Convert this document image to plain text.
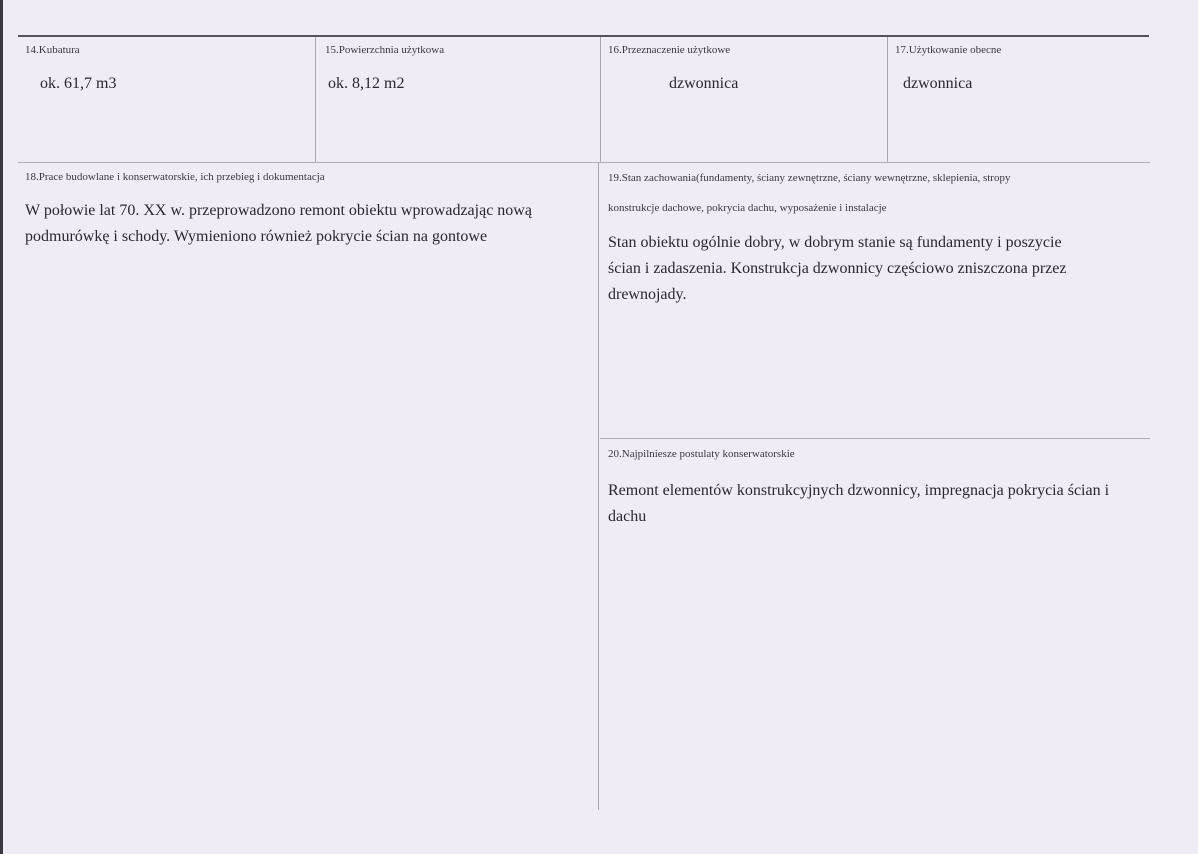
14.Kubatura
ok. 61,7 m3
15.Powierzchnia użytkowa
ok. 8,12 m2
16.Przeznaczenie użytkowe
dzwonnica
17.Użytkowanie obecne
dzwonnica
18.Prace budowlane i konserwatorskie, ich przebieg i dokumentacja
W połowie lat 70. XX w. przeprowadzono remont obiektu wprowadzając nową
podmurówkę i schody. Wymieniono również pokrycie ścian na gontowe
19.Stan zachowania(fundamenty, ściany zewnętrzne, ściany wewnętrzne, sklepienia, stropy
konstrukcje dachowe, pokrycia dachu, wyposażenie i instalacje
Stan obiektu ogólnie dobry, w dobrym stanie są fundamenty i poszycie
ścian i zadaszenia. Konstrukcja dzwonnicy częściowo zniszczona przez
drewnojady.
20.Najpilniesze postulaty konserwatorskie
Remont elementów konstrukcyjnych dzwonnicy, impregnacja pokrycia ścian i
dachu
